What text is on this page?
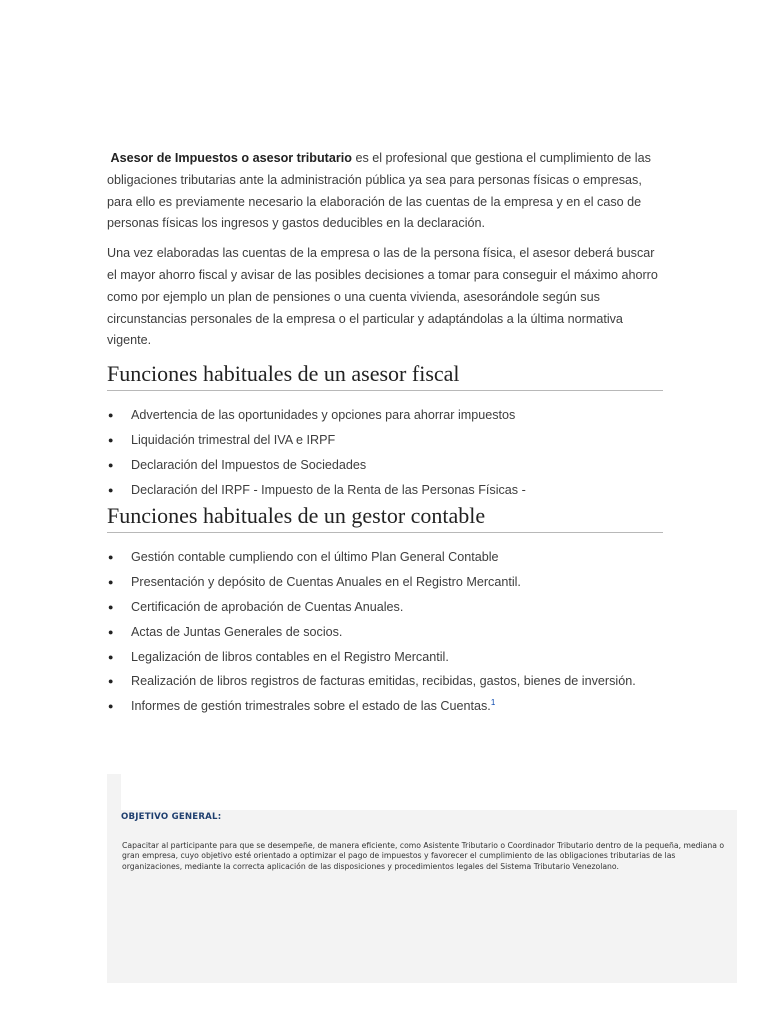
Asesor de Impuestos o asesor tributario es el profesional que gestiona el cumplimiento de las obligaciones tributarias ante la administración pública ya sea para personas físicas o empresas, para ello es previamente necesario la elaboración de las cuentas de la empresa y en el caso de personas físicas los ingresos y gastos deducibles en la declaración.

Una vez elaboradas las cuentas de la empresa o las de la persona física, el asesor deberá buscar el mayor ahorro fiscal y avisar de las posibles decisiones a tomar para conseguir el máximo ahorro como por ejemplo un plan de pensiones o una cuenta vivienda, asesorándole según sus circunstancias personales de la empresa o el particular y adaptándolas a la última normativa vigente.

Funciones habituales de un asesor fiscal
● Advertencia de las oportunidades y opciones para ahorrar impuestos
● Liquidación trimestral del IVA e IRPF
● Declaración del Impuestos de Sociedades
● Declaración del IRPF - Impuesto de la Renta de las Personas Físicas -
Funciones habituales de un gestor contable
● Gestión contable cumpliendo con el último Plan General Contable
● Presentación y depósito de Cuentas Anuales en el Registro Mercantil.
● Certificación de aprobación de Cuentas Anuales.
● Actas de Juntas Generales de socios.
● Legalización de libros contables en el Registro Mercantil.
● Realización de libros registros de facturas emitidas, recibidas, gastos, bienes de inversión.
● Informes de gestión trimestrales sobre el estado de las Cuentas.$^1$
OBJETIVO GENERAL:
Capacitar al participante para que se desempeñe, de manera eficiente, como Asistente Tributario o Coordinador Tributario dentro de la pequeña, mediana o gran empresa, cuyo objetivo esté orientado a optimizar el pago de impuestos y favorecer el cumplimiento de las obligaciones tributarias de las organizaciones, mediante la correcta aplicación de las disposiciones y procedimientos legales del Sistema Tributario Venezolano.
